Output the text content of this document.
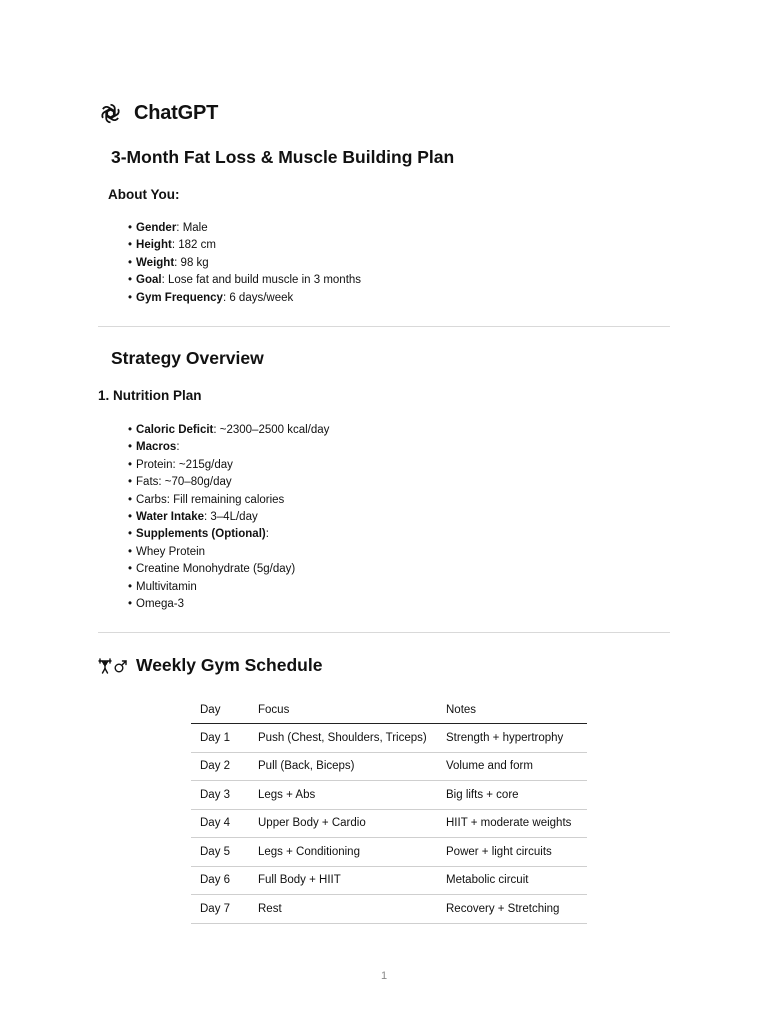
ChatGPT
3-Month Fat Loss & Muscle Building Plan
About You:
• Gender: Male
• Height: 182 cm
• Weight: 98 kg
• Goal: Lose fat and build muscle in 3 months
• Gym Frequency: 6 days/week
Strategy Overview
1. Nutrition Plan
• Caloric Deficit: ~2300–2500 kcal/day
• Macros:
• Protein: ~215g/day
• Fats: ~70–80g/day
• Carbs: Fill remaining calories
• Water Intake: 3–4L/day
• Supplements (Optional):
• Whey Protein
• Creatine Monohydrate (5g/day)
• Multivitamin
• Omega-3
Weekly Gym Schedule
Day	Focus	Notes
Day 1	Push (Chest, Shoulders, Triceps)	Strength + hypertrophy
Day 2	Pull (Back, Biceps)	Volume and form
Day 3	Legs + Abs	Big lifts + core
Day 4	Upper Body + Cardio	HIIT + moderate weights
Day 5	Legs + Conditioning	Power + light circuits
Day 6	Full Body + HIIT	Metabolic circuit
Day 7	Rest	Recovery + Stretching
1
